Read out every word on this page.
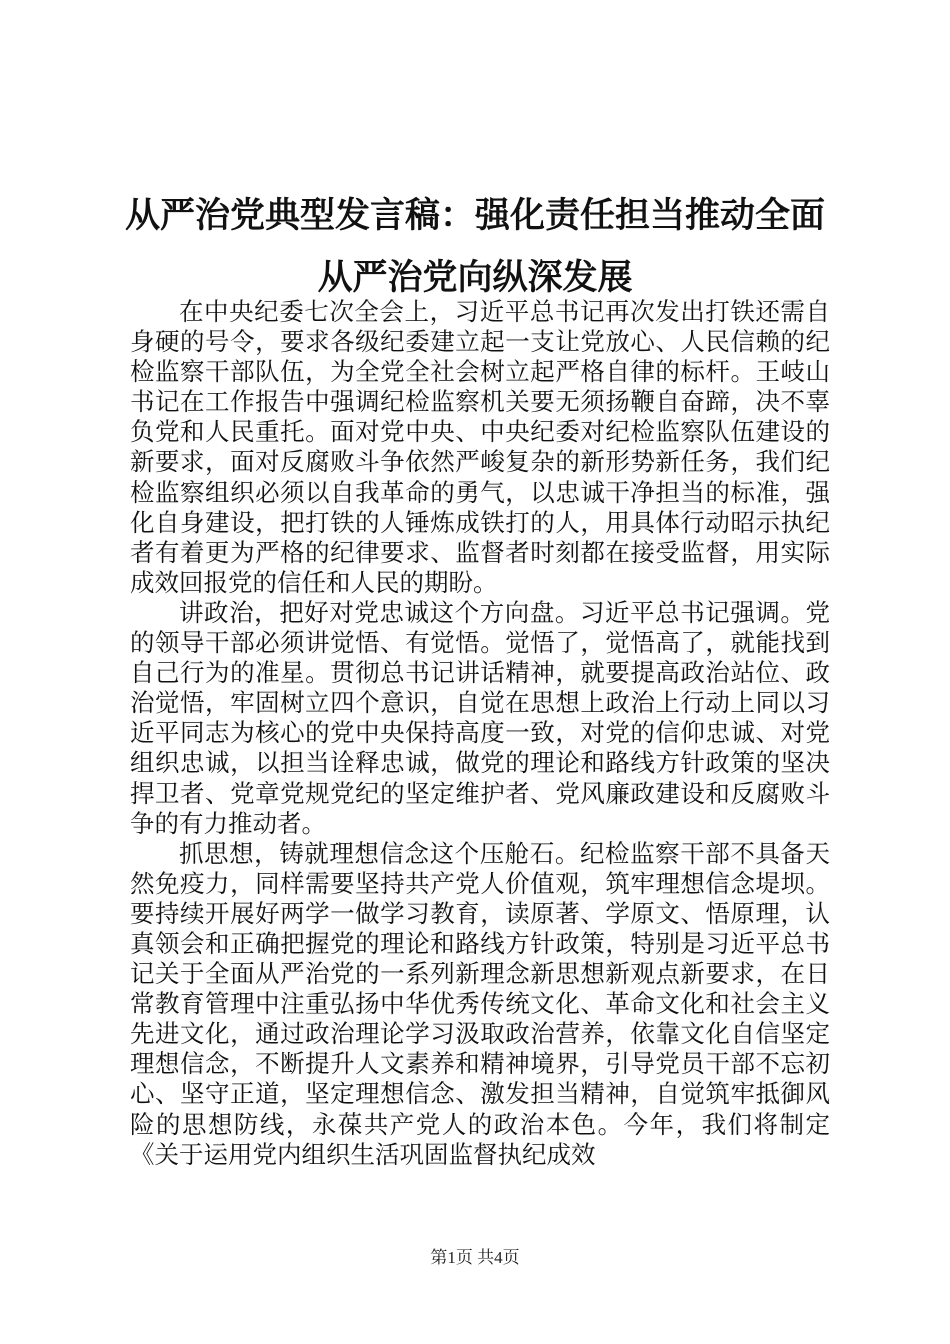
从严治党典型发言稿：强化责任担当推动全面
从严治党向纵深发展

在中央纪委七次全会上，习近平总书记再次发出打铁还需自身硬的号令，要求各级纪委建立起一支让党放心、人民信赖的纪检监察干部队伍，为全党全社会树立起严格自律的标杆。王岐山书记在工作报告中强调纪检监察机关要无须扬鞭自奋蹄，决不辜负党和人民重托。面对党中央、中央纪委对纪检监察队伍建设的新要求，面对反腐败斗争依然严峻复杂的新形势新任务，我们纪检监察组织必须以自我革命的勇气，以忠诚干净担当的标准，强化自身建设，把打铁的人锤炼成铁打的人，用具体行动昭示执纪者有着更为严格的纪律要求、监督者时刻都在接受监督，用实际成效回报党的信任和人民的期盼。

讲政治，把好对党忠诚这个方向盘。习近平总书记强调。党的领导干部必须讲觉悟、有觉悟。觉悟了，觉悟高了，就能找到自己行为的准星。贯彻总书记讲话精神，就要提高政治站位、政治觉悟，牢固树立四个意识，自觉在思想上政治上行动上同以习近平同志为核心的党中央保持高度一致，对党的信仰忠诚、对党组织忠诚，以担当诠释忠诚，做党的理论和路线方针政策的坚决捍卫者、党章党规党纪的坚定维护者、党风廉政建设和反腐败斗争的有力推动者。

抓思想，铸就理想信念这个压舱石。纪检监察干部不具备天然免疫力，同样需要坚持共产党人价值观，筑牢理想信念堤坝。要持续开展好两学一做学习教育，读原著、学原文、悟原理，认真领会和正确把握党的理论和路线方针政策，特别是习近平总书记关于全面从严治党的一系列新理念新思想新观点新要求，在日常教育管理中注重弘扬中华优秀传统文化、革命文化和社会主义先进文化，通过政治理论学习汲取政治营养，依靠文化自信坚定理想信念，不断提升人文素养和精神境界，引导党员干部不忘初心、坚守正道，坚定理想信念、激发担当精神，自觉筑牢抵御风险的思想防线，永葆共产党人的政治本色。今年，我们将制定《关于运用党内组织生活巩固监督执纪成效

第1页 共4页
